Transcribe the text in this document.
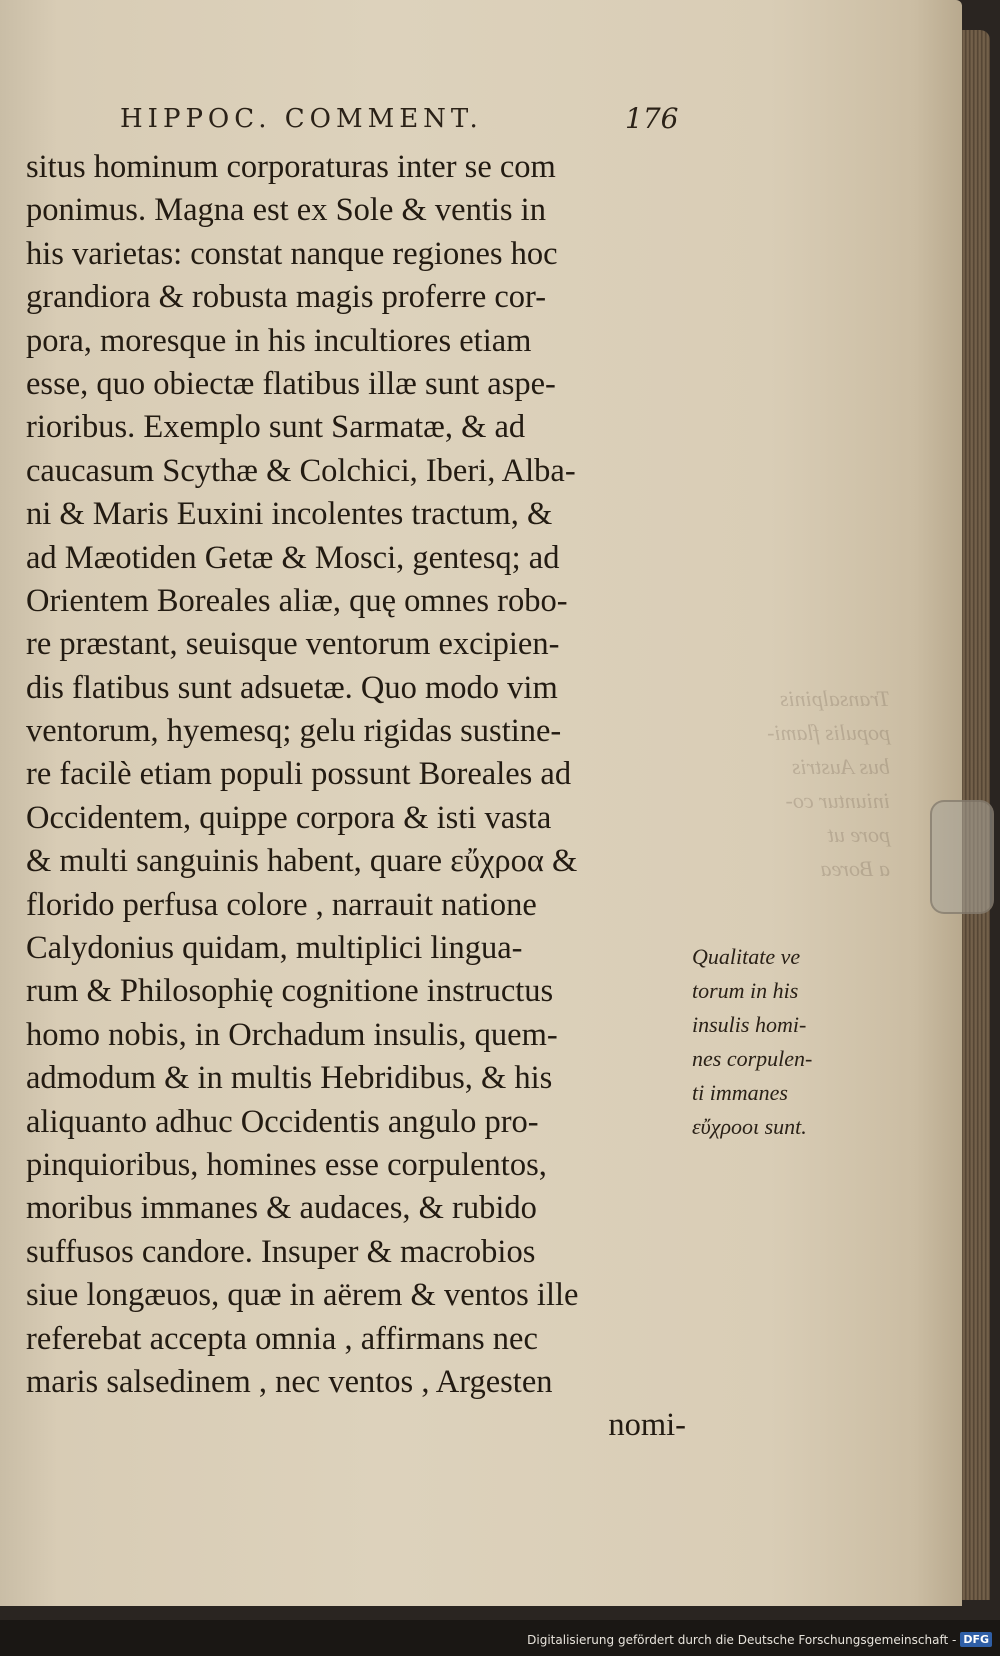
Transalpinis
populis flami-
bus Austris
iniuntur co-
pore ut
a Borea
HIPPOC. COMMENT.	176
situs hominum corporaturas inter se com
ponimus. Magna est ex Sole & ventis in
his varietas: constat nanque regiones hoc
grandiora & robusta magis proferre cor-
pora, moresque in his incultiores etiam
esse, quo obiectæ flatibus illæ sunt aspe-
rioribus. Exemplo sunt Sarmatæ, & ad
caucasum Scythæ & Colchici, Iberi, Alba-
ni & Maris Euxini incolentes tractum, &
ad Mæotiden Getæ & Mosci, gentesq; ad
Orientem Boreales aliæ, quę omnes robo-
re præstant, seuisque ventorum excipien-
dis flatibus sunt adsuetæ. Quo modo vim
ventorum, hyemesq; gelu rigidas sustine-
re facilè etiam populi possunt Boreales ad
Occidentem, quippe corpora & isti vasta
& multi sanguinis habent, quare εὔχροα &
florido perfusa colore , narrauit natione
Calydonius quidam, multiplici lingua-
rum & Philosophię cognitione instructus
homo nobis, in Orchadum insulis, quem-
admodum & in multis Hebridibus, & his
aliquanto adhuc Occidentis angulo pro-
pinquioribus, homines esse corpulentos,
moribus immanes & audaces, & rubido
suffusos candore. Insuper & macrobios
siue longæuos, quæ in aërem & ventos ille
referebat accepta omnia , affirmans nec
maris salsedinem , nec ventos , Argesten
nomi-
Qualitate ve
torum in his
insulis homi-
nes corpulen-
ti immanes
εὔχροοι sunt.
Digitalisierung gefördert durch die Deutsche Forschungsgemeinschaft - DFG
